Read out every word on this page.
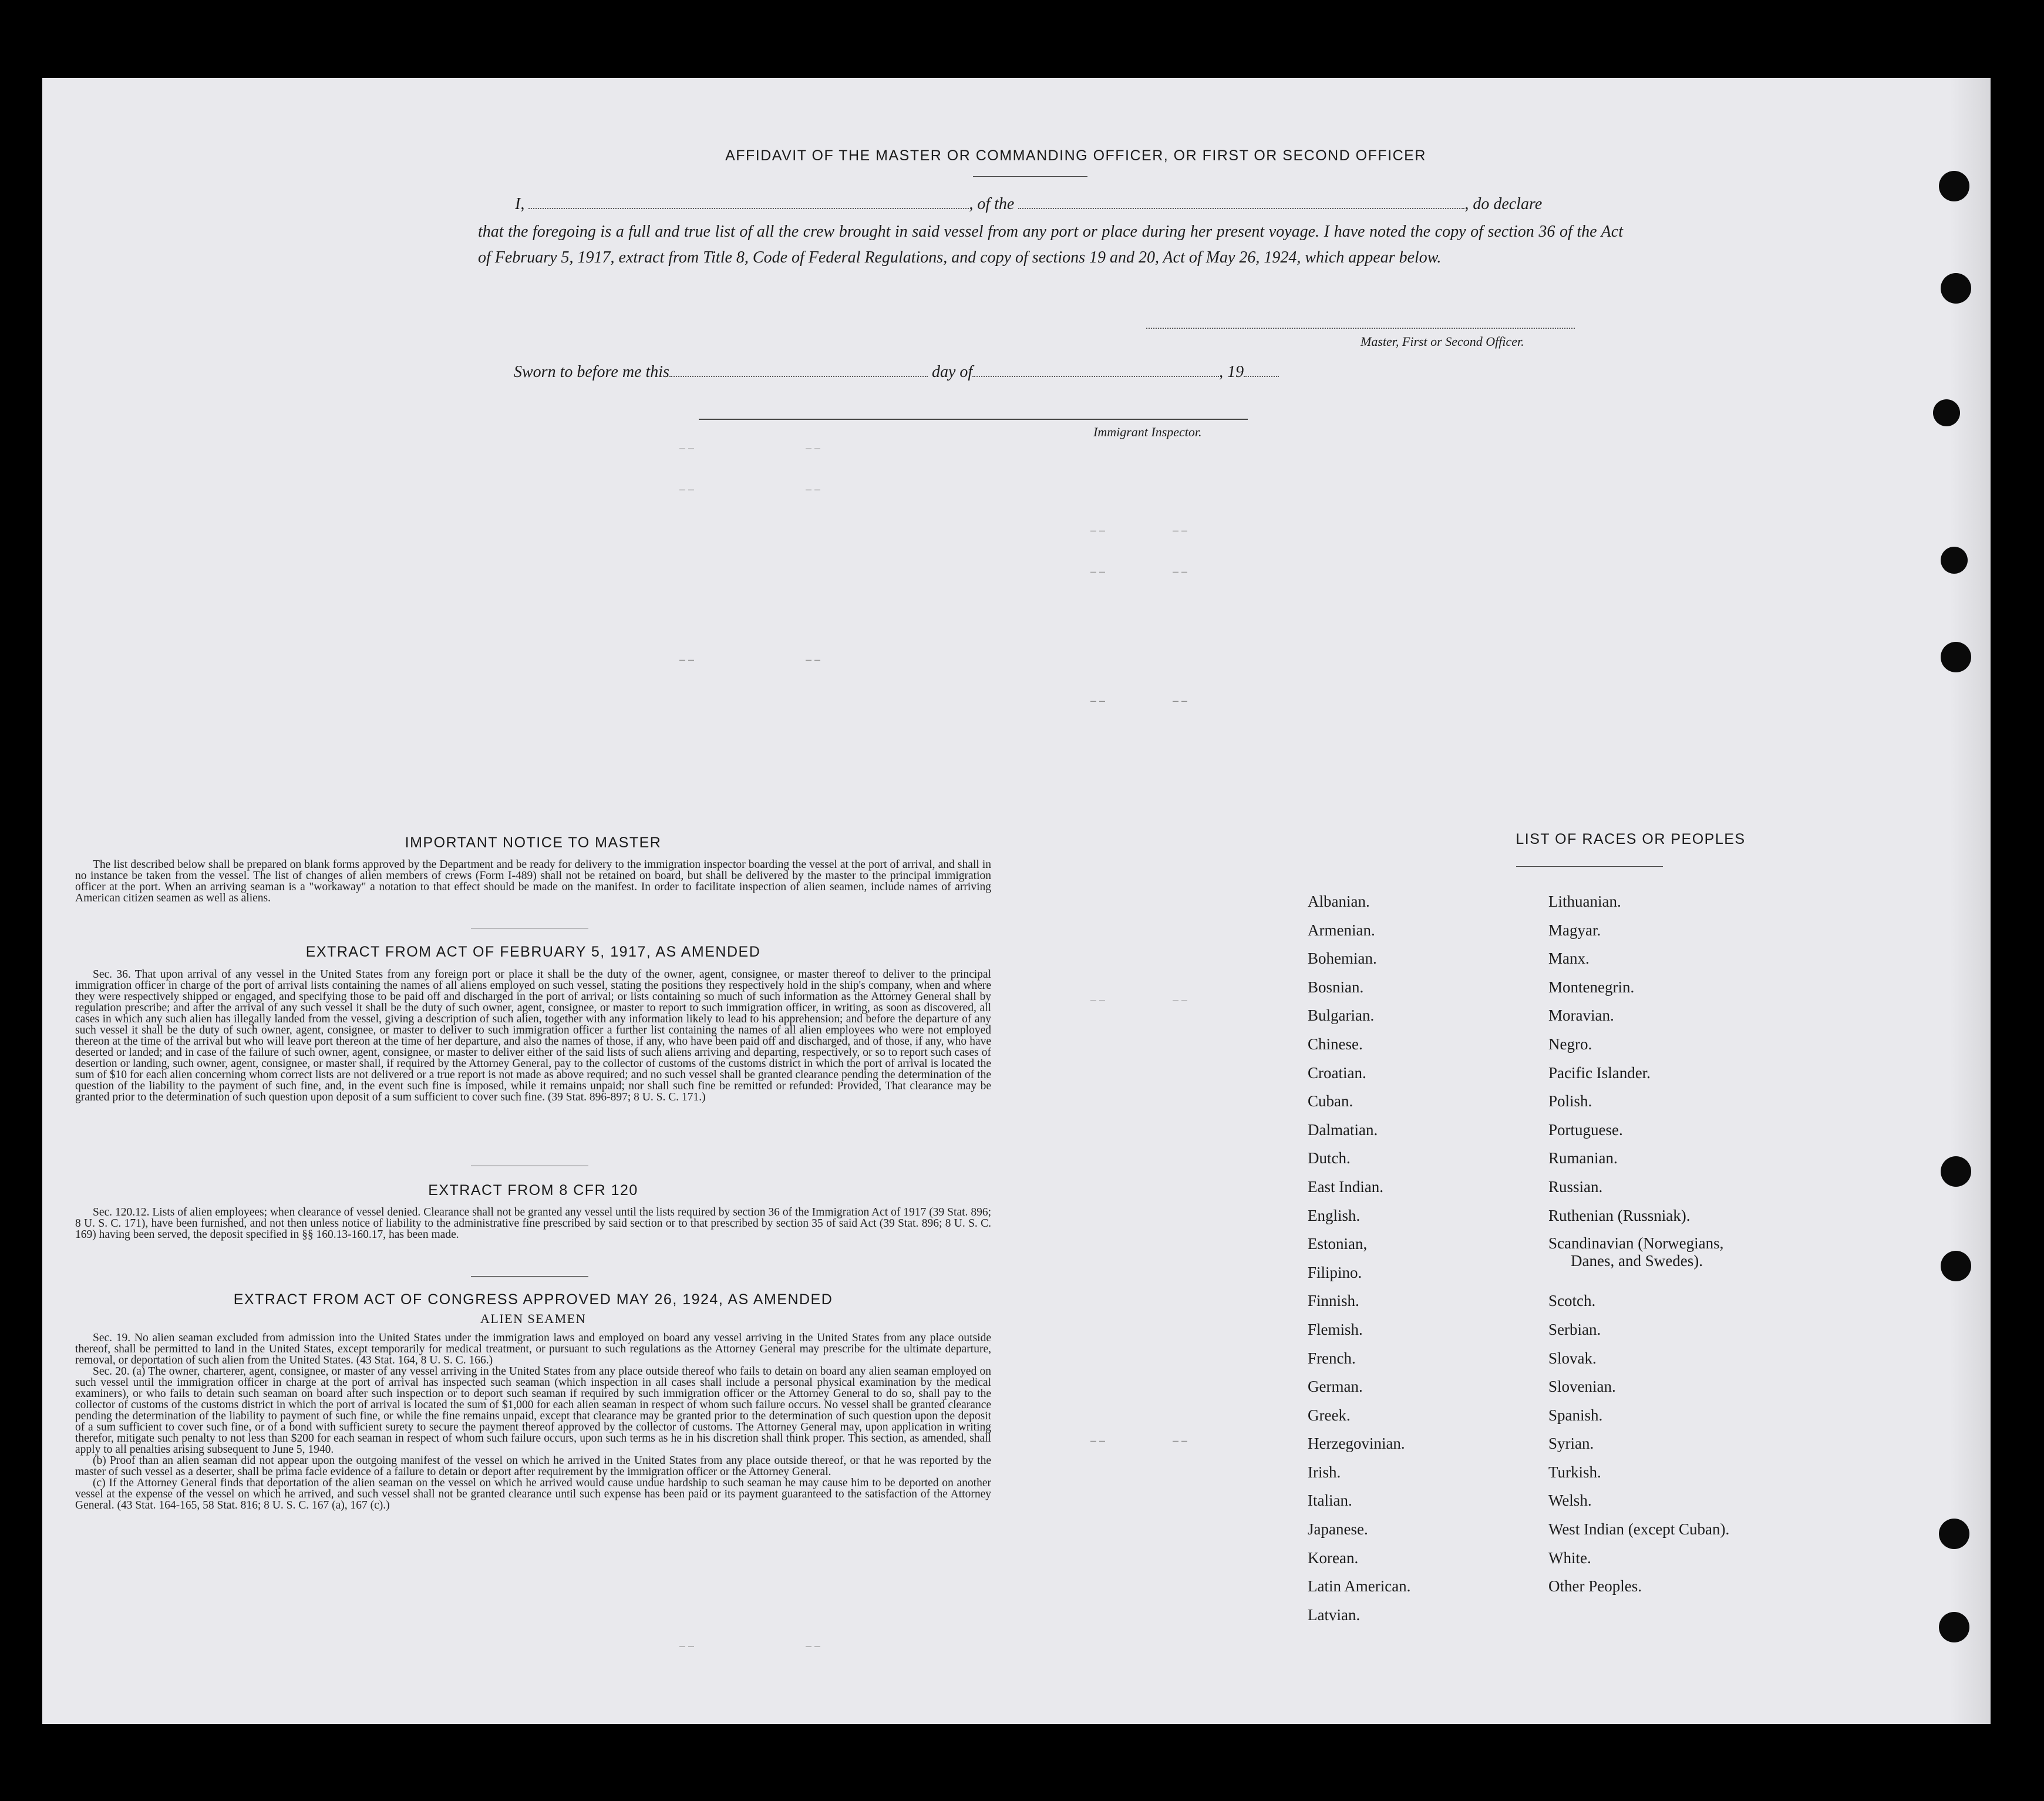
AFFIDAVIT OF THE MASTER OR COMMANDING OFFICER, OR FIRST OR SECOND OFFICER
I,	, of the	, do declare
that the foregoing is a full and true list of all the crew brought in said vessel from any port or place during her present voyage. I have noted the copy of section 36 of the Act of February 5, 1917, extract from Title 8, Code of Federal Regulations, and copy of sections 19 and 20, Act of May 26, 1924, which appear below.
Master, First or Second Officer.
Sworn to before me this	day of	, 19
Immigrant Inspector.
IMPORTANT NOTICE TO MASTER

The list described below shall be prepared on blank forms approved by the Department and be ready for delivery to the immigration inspector boarding the vessel at the port of arrival, and shall in no instance be taken from the vessel. The list of changes of alien members of crews (Form I-489) shall not be retained on board, but shall be delivered by the master to the principal immigration officer at the port. When an arriving seaman is a "workaway" a notation to that effect should be made on the manifest. In order to facilitate inspection of alien seamen, include names of arriving American citizen seamen as well as aliens.

EXTRACT FROM ACT OF FEBRUARY 5, 1917, AS AMENDED

Sec. 36. That upon arrival of any vessel in the United States from any foreign port or place it shall be the duty of the owner, agent, consignee, or master thereof to deliver to the principal immigration officer in charge of the port of arrival lists containing the names of all aliens employed on such vessel, stating the positions they respectively hold in the ship's company, when and where they were respectively shipped or engaged, and specifying those to be paid off and discharged in the port of arrival; or lists containing so much of such information as the Attorney General shall by regulation prescribe; and after the arrival of any such vessel it shall be the duty of such owner, agent, consignee, or master to report to such immigration officer, in writing, as soon as discovered, all cases in which any such alien has illegally landed from the vessel, giving a description of such alien, together with any information likely to lead to his apprehension; and before the departure of any such vessel it shall be the duty of such owner, agent, consignee, or master to deliver to such immigration officer a further list containing the names of all alien employees who were not employed thereon at the time of the arrival but who will leave port thereon at the time of her departure, and also the names of those, if any, who have been paid off and discharged, and of those, if any, who have deserted or landed; and in case of the failure of such owner, agent, consignee, or master to deliver either of the said lists of such aliens arriving and departing, respectively, or so to report such cases of desertion or landing, such owner, agent, consignee, or master shall, if required by the Attorney General, pay to the collector of customs of the customs district in which the port of arrival is located the sum of $10 for each alien concerning whom correct lists are not delivered or a true report is not made as above required; and no such vessel shall be granted clearance pending the determination of the question of the liability to the payment of such fine, and, in the event such fine is imposed, while it remains unpaid; nor shall such fine be remitted or refunded: Provided, That clearance may be granted prior to the determination of such question upon deposit of a sum sufficient to cover such fine. (39 Stat. 896-897; 8 U. S. C. 171.)

EXTRACT FROM 8 CFR 120

Sec. 120.12. Lists of alien employees; when clearance of vessel denied. Clearance shall not be granted any vessel until the lists required by section 36 of the Immigration Act of 1917 (39 Stat. 896; 8 U. S. C. 171), have been furnished, and not then unless notice of liability to the administrative fine prescribed by said section or to that prescribed by section 35 of said Act (39 Stat. 896; 8 U. S. C. 169) having been served, the deposit specified in §§ 160.13-160.17, has been made.

EXTRACT FROM ACT OF CONGRESS APPROVED MAY 26, 1924, AS AMENDED
ALIEN SEAMEN

Sec. 19. No alien seaman excluded from admission into the United States under the immigration laws and employed on board any vessel arriving in the United States from any place outside thereof, shall be permitted to land in the United States, except temporarily for medical treatment, or pursuant to such regulations as the Attorney General may prescribe for the ultimate departure, removal, or deportation of such alien from the United States. (43 Stat. 164, 8 U. S. C. 166.)

Sec. 20. (a) The owner, charterer, agent, consignee, or master of any vessel arriving in the United States from any place outside thereof who fails to detain on board any alien seaman employed on such vessel until the immigration officer in charge at the port of arrival has inspected such seaman (which inspection in all cases shall include a personal physical examination by the medical examiners), or who fails to detain such seaman on board after such inspection or to deport such seaman if required by such immigration officer or the Attorney General to do so, shall pay to the collector of customs of the customs district in which the port of arrival is located the sum of $1,000 for each alien seaman in respect of whom such failure occurs. No vessel shall be granted clearance pending the determination of the liability to payment of such fine, or while the fine remains unpaid, except that clearance may be granted prior to the determination of such question upon the deposit of a sum sufficient to cover such fine, or of a bond with sufficient surety to secure the payment thereof approved by the collector of customs. The Attorney General may, upon application in writing therefor, mitigate such penalty to not less than $200 for each seaman in respect of whom such failure occurs, upon such terms as he in his discretion shall think proper. This section, as amended, shall apply to all penalties arising subsequent to June 5, 1940.

(b) Proof than an alien seaman did not appear upon the outgoing manifest of the vessel on which he arrived in the United States from any place outside thereof, or that he was reported by the master of such vessel as a deserter, shall be prima facie evidence of a failure to detain or deport after requirement by the immigration officer or the Attorney General.

(c) If the Attorney General finds that deportation of the alien seaman on the vessel on which he arrived would cause undue hardship to such seaman he may cause him to be deported on another vessel at the expense of the vessel on which he arrived, and such vessel shall not be granted clearance until such expense has been paid or its payment guaranteed to the satisfaction of the Attorney General. (43 Stat. 164-165, 58 Stat. 816; 8 U. S. C. 167 (a), 167 (c).)

LIST OF RACES OR PEOPLES
Albanian.
Armenian.
Bohemian.
Bosnian.
Bulgarian.
Chinese.
Croatian.
Cuban.
Dalmatian.
Dutch.
East Indian.
English.
Estonian,
Filipino.
Finnish.
Flemish.
French.
German.
Greek.
Herzegovinian.
Irish.
Italian.
Japanese.
Korean.
Latin American.
Latvian.
Lithuanian.
Magyar.
Manx.
Montenegrin.
Moravian.
Negro.
Pacific Islander.
Polish.
Portuguese.
Rumanian.
Russian.
Ruthenian (Russniak).
Scandinavian (Norwegians,
Danes, and Swedes).
Scotch.
Serbian.
Slovak.
Slovenian.
Spanish.
Syrian.
Turkish.
Welsh.
West Indian (except Cuban).
White.
Other Peoples.
– –	– –
– –	– –
– –	– –
– –	– –
– –	– –
– –	– –
– –	– –
– –	– –
– –	– –
